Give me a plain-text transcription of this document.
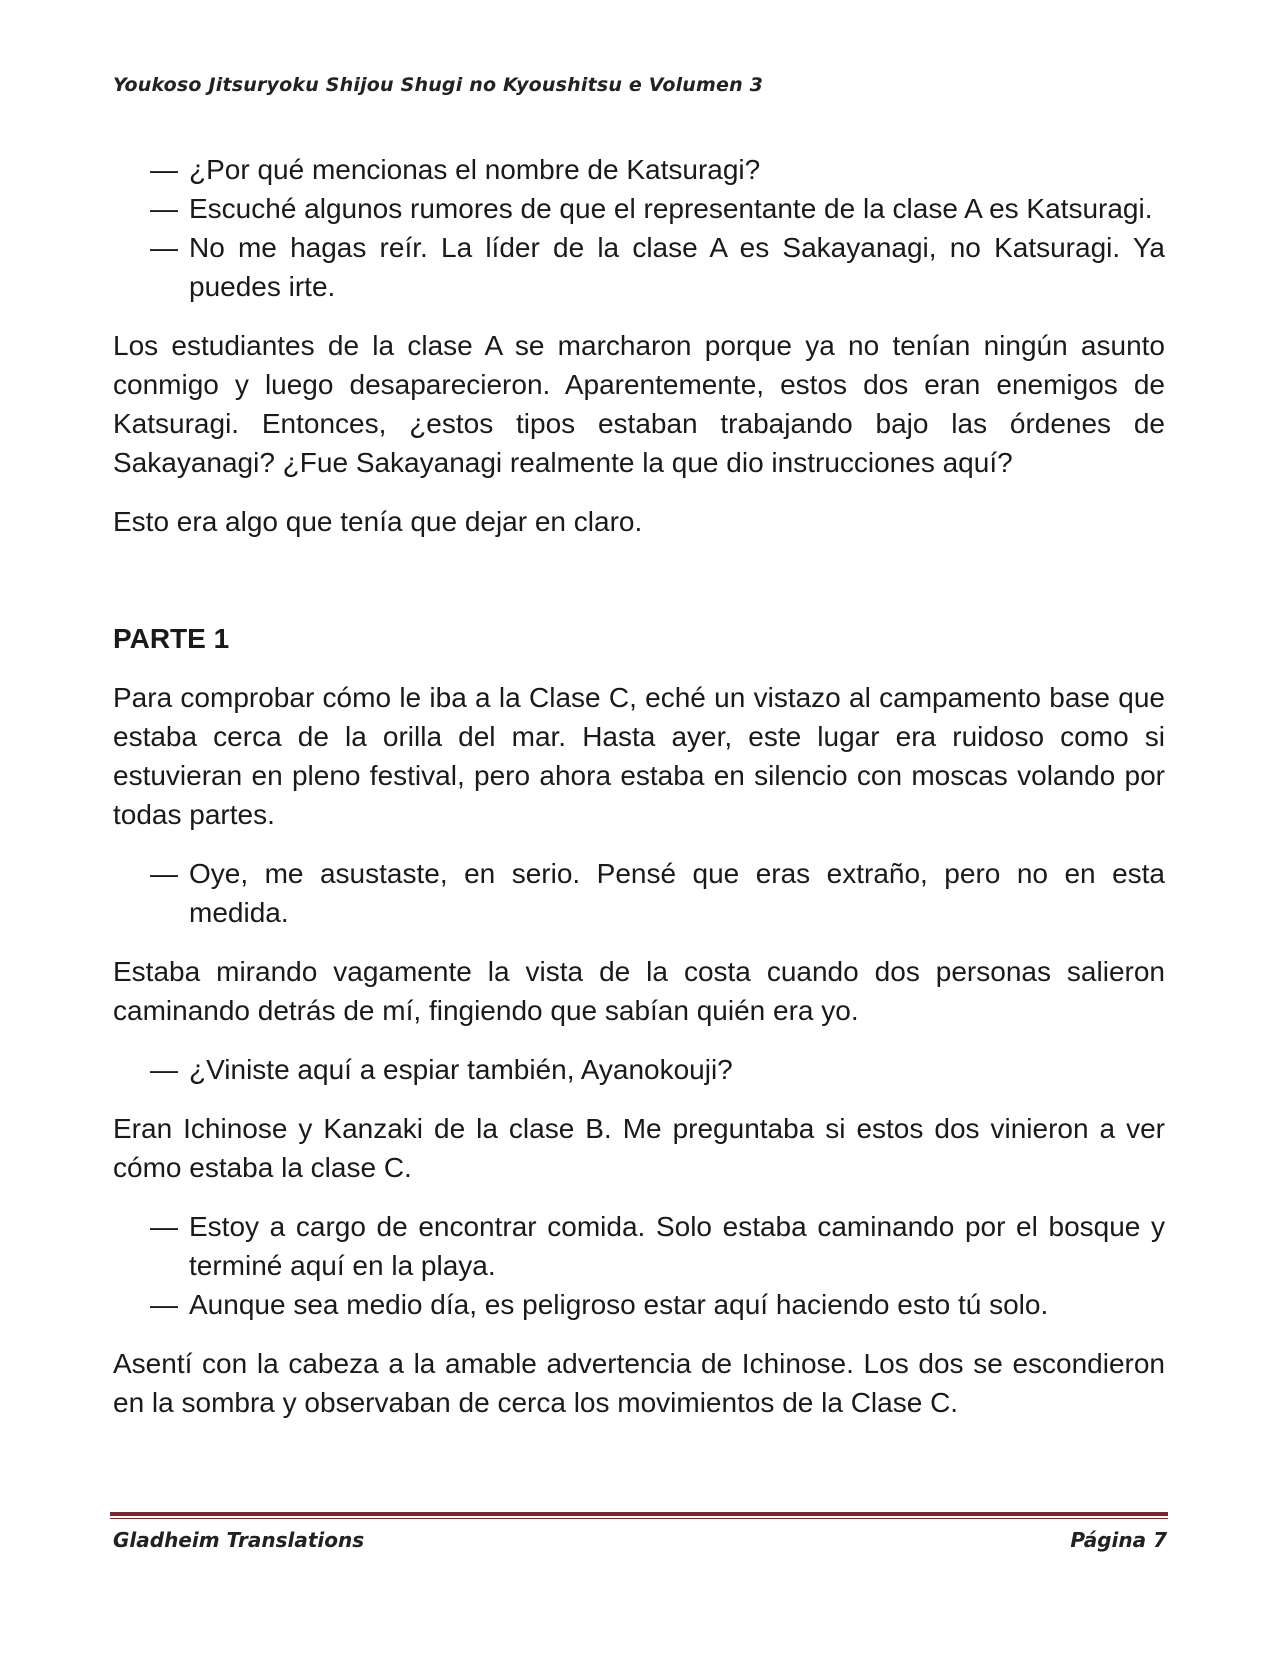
Youkoso Jitsuryoku Shijou Shugi no Kyoushitsu e Volumen 3

— ¿Por qué mencionas el nombre de Katsuragi?

— Escuché algunos rumores de que el representante de la clase A es Katsuragi.

— No me hagas reír. La líder de la clase A es Sakayanagi, no Katsuragi. Ya puedes irte.

Los estudiantes de la clase A se marcharon porque ya no tenían ningún asunto conmigo y luego desaparecieron. Aparentemente, estos dos eran enemigos de Katsuragi. Entonces, ¿estos tipos estaban trabajando bajo las órdenes de Sakayanagi? ¿Fue Sakayanagi realmente la que dio instrucciones aquí?

Esto era algo que tenía que dejar en claro.

PARTE 1

Para comprobar cómo le iba a la Clase C, eché un vistazo al campamento base que estaba cerca de la orilla del mar. Hasta ayer, este lugar era ruidoso como si estuvieran en pleno festival, pero ahora estaba en silencio con moscas volando por todas partes.

— Oye, me asustaste, en serio. Pensé que eras extraño, pero no en esta medida.

Estaba mirando vagamente la vista de la costa cuando dos personas salieron caminando detrás de mí, fingiendo que sabían quién era yo.

— ¿Viniste aquí a espiar también, Ayanokouji?

Eran Ichinose y Kanzaki de la clase B. Me preguntaba si estos dos vinieron a ver cómo estaba la clase C.

— Estoy a cargo de encontrar comida. Solo estaba caminando por el bosque y terminé aquí en la playa.

— Aunque sea medio día, es peligroso estar aquí haciendo esto tú solo.

Asentí con la cabeza a la amable advertencia de Ichinose. Los dos se escondieron en la sombra y observaban de cerca los movimientos de la Clase C.

Gladheim Translations	Página 7
